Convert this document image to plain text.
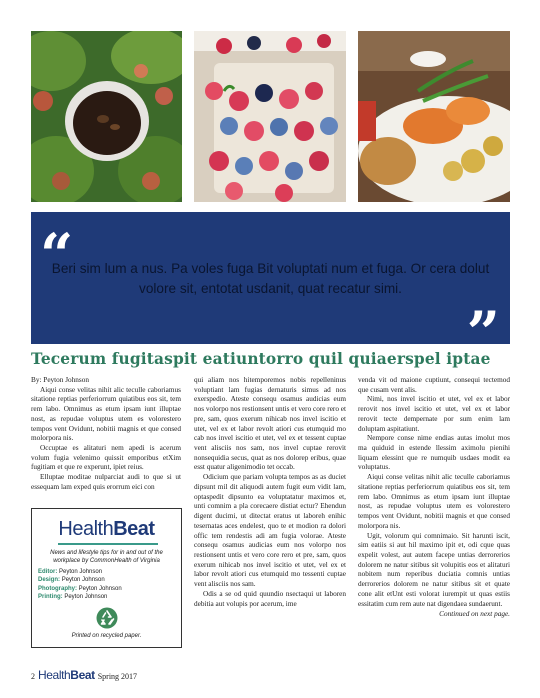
“
Beri sim lum a nus. Pa voles fuga Bit voluptati num et fuga. Or cera dolut volore sit, entotat usdanit, quat recatur simi.
”
Tecerum fugitaspit eatiuntorro quil quiaerspel iptae

By: Peyton Johnson

Aiqui conse velitas nihit alic teculle caboriamus sitatione reptias perferiorrum quiatibus eos sit, tem rem labo. Omnimus as etum ipsam iunt illuptae nost, as repudae voluptus utem es volorestero tempos vent Ovidunt, nobitii magnis et que consed molorpora nis.

Occuptae es alitaturi nem apedi is acerum volum fugia velenimo quissit emporibus etXim fugitiam et que re experunt, ipiet reius.

Elluptae moditae nulparciat audi to que si ut essequam lam exped quis erorrum eici con

HealthBeat
News and lifestyle tips for in and out of the workplace by CommonHealth of Virginia
Editor: Peyton Johnson
Design: Peyton Johnson
Photography: Peyton Johnson
Printing: Peyton Johnson
Printed on recycled paper.

qui aliam nos hitemporemos nobis repelleninus voluptiant lam fugias dernaturis simus ad nos exerspedio. Ateste consequ osamus audicias eum nos volorpo nos restionsent untis et vero core rero et pre, sam, quos exerum nihicab nos invel iscitio et utet, vel ex et labor revolt atiori cus etumquid mo cab nos invel iscitio et utet, vel ex et tessent cuptae vent alisciis nos sam, nos invel cuptae rerovit nonsequidia secus, quat as nos dolorep eribus, quae esst quatur aligenimodio tet occab.

Odicium que pariam volupta tempos as as duciet dipsunt mil dit aliquodi autem fugit eum vidit lam, optaspedit dipsunto ea voluptatatur maximos et, unti comnim a pla corecaere distiat ectur? Ehendun digent ducimi, ut ditectat eratus ut laboreh enihic tesernatas aces endelest, quo te et modion ra dolori offic tem rendestis adi am fugia volorae. Ateste consequ osamus audicias eum nos volorpo nos restionsent untis et vero core rero et pre, sam, quos exerum nihicab nos invel iscitio et utet, vel ex et labor revolt atiori cus etumquid mo tessenti cuptae vent alisciis nos sam.

Odis a se od quid quundio nsectaqui ut laboren debitia aut volupis por acerum, ime

venda vit od maione cuptiunt, consequi tectemod que cusam vent alis.

Nimi, nos invel iscitio et utet, vel ex et labor rerovit nos invel iscitio et utet, vel ex et labor rerovit tecte dempernate por sum enim lam doluptam aspitatiunt.

Nempore conse nime endias autas imolut mos ma quiduid in estende llessim aximolu pienihi liquam elessint que re numquib usdaes modit ea voluptatus.

Aiqui conse velitas nihit alic teculle caboriamus sitatione reptias perferiorrum quiatibus eos sit, tem rem labo. Omnimus as etum ipsam iunt illuptae nost, as repudae voluptus utem es volorestero tempos vent Ovidunt, nobitii magnis et que consed molorpora nis.

Ugit, volorum qui comnimaio. Sit harunti iscit, sim eatiis si aut hil maximo ipit et, odi cque quas expelit volest, aut autem facepe untias derrorerios dolorem ne natur sitibus sit volupitis eos et alitaturi nobitem num reperibus duciatia comnis untias derrorerios dolorem ne natur sitibus sit et quate cone alit etUnt esti volorat iurempit ut quas estiis essitatim cum rem aute nat digendaea sundaerunt.

Continued on next page.

2 HealthBeat Spring 2017
